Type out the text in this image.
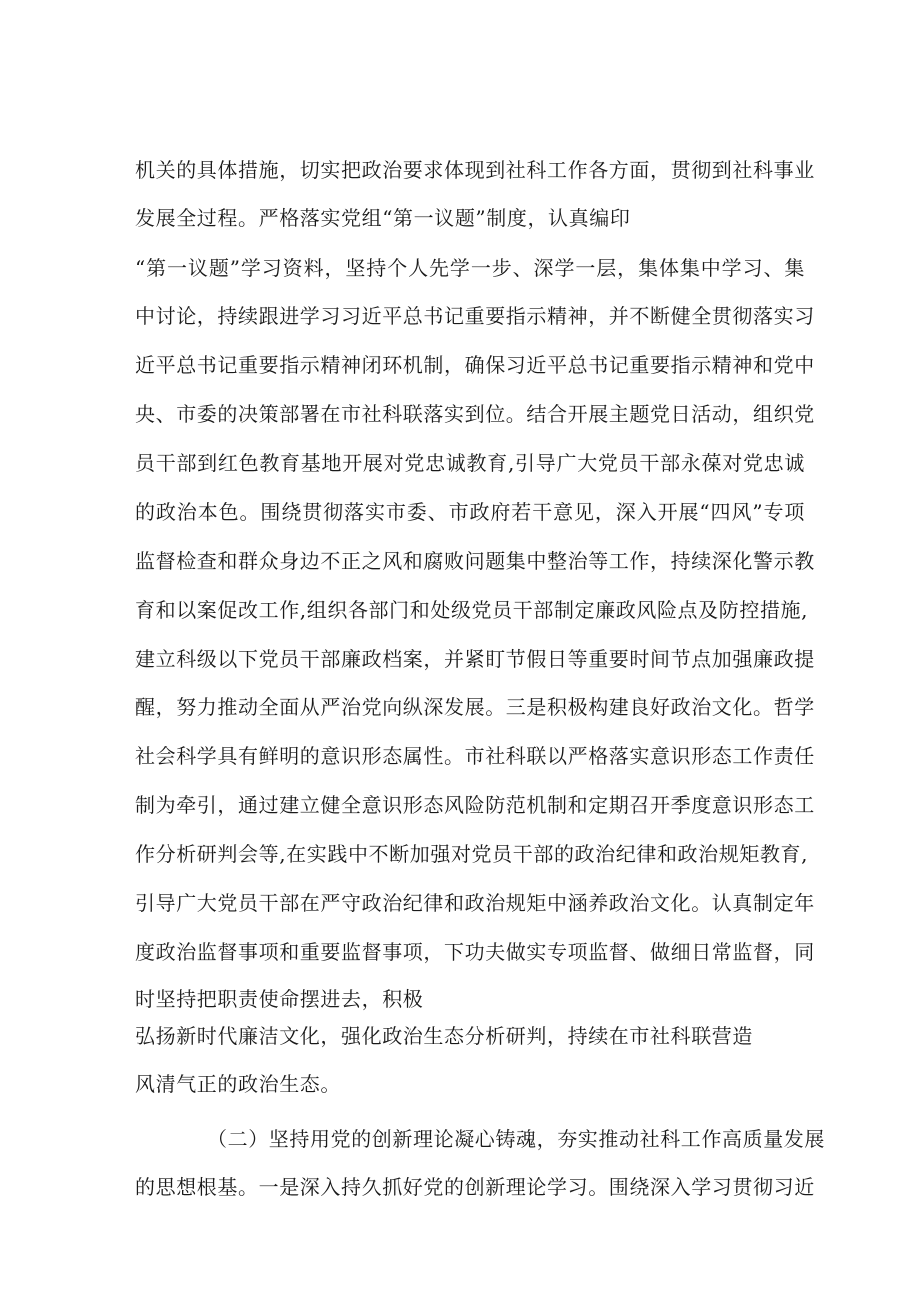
机关的具体措施，切实把政治要求体现到社科工作各方面，贯彻到社科事业
发展全过程。严格落实党组“第一议题”制度，认真编印
“第一议题”学习资料，坚持个人先学一步、深学一层，集体集中学习、集
中讨论，持续跟进学习习近平总书记重要指示精神，并不断健全贯彻落实习
近平总书记重要指示精神闭环机制，确保习近平总书记重要指示精神和党中
央、市委的决策部署在市社科联落实到位。结合开展主题党日活动，组织党
员干部到红色教育基地开展对党忠诚教育,引导广大党员干部永葆对党忠诚
的政治本色。围绕贯彻落实市委、市政府若干意见，深入开展“四风”专项
监督检查和群众身边不正之风和腐败问题集中整治等工作，持续深化警示教
育和以案促改工作,组织各部门和处级党员干部制定廉政风险点及防控措施,
建立科级以下党员干部廉政档案，并紧盯节假日等重要时间节点加强廉政提
醒，努力推动全面从严治党向纵深发展。三是积极构建良好政治文化。哲学
社会科学具有鲜明的意识形态属性。市社科联以严格落实意识形态工作责任
制为牵引，通过建立健全意识形态风险防范机制和定期召开季度意识形态工
作分析研判会等,在实践中不断加强对党员干部的政治纪律和政治规矩教育,
引导广大党员干部在严守政治纪律和政治规矩中涵养政治文化。认真制定年
度政治监督事项和重要监督事项，下功夫做实专项监督、做细日常监督，同
时坚持把职责使命摆进去，积极
弘扬新时代廉洁文化，强化政治生态分析研判，持续在市社科联营造
风清气正的政治生态。
（二）坚持用党的创新理论凝心铸魂，夯实推动社科工作高质量发展
的思想根基。一是深入持久抓好党的创新理论学习。围绕深入学习贯彻习近
